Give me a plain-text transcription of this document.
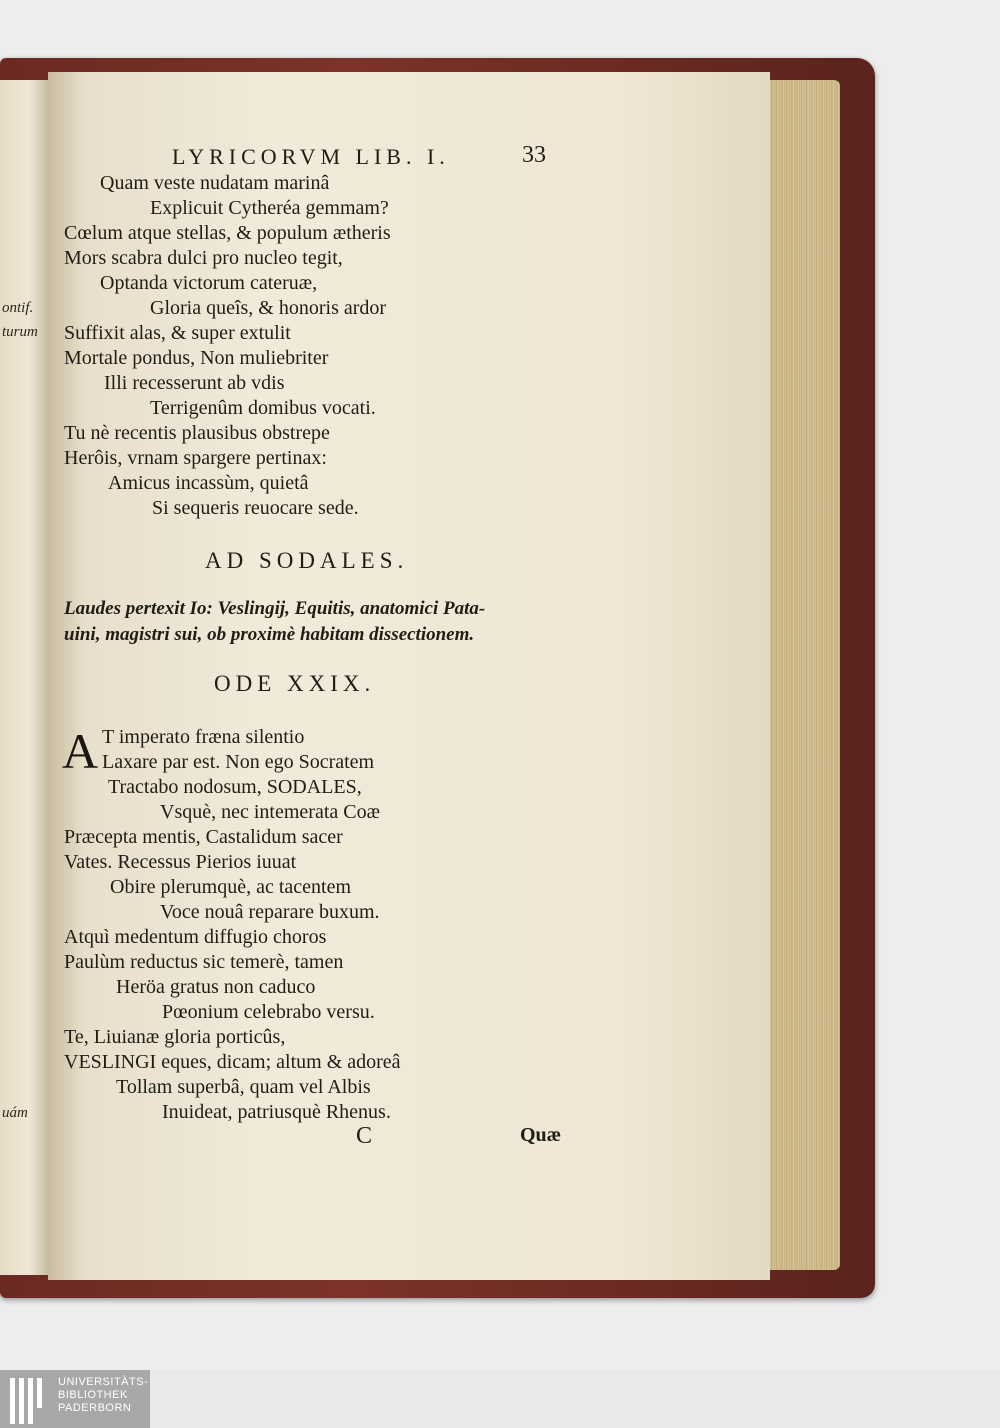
ontif.
turum
uám
LYRICORVM LIB. I.	33
Quam veste nudatam marinâ
Explicuit Cytheréa gemmam?
Cœlum atque stellas, & populum ætheris
Mors scabra dulci pro nucleo tegit,
Optanda victorum cateruæ,
Gloria queîs, & honoris ardor
Suffixit alas, & super extulit
Mortale pondus, Non muliebriter
Illi recesserunt ab vdis
Terrigenûm domibus vocati.
Tu nè recentis plausibus obstrepe
Herôis, vrnam spargere pertinax:
Amicus incassùm, quietâ
Si sequeris reuocare sede.
AD SODALES.
Laudes pertexit Io: Veslingij, Equitis, anatomici Pata-
uini, magistri sui, ob proximè habitam dissectionem.
ODE XXIX.
A T imperato fræna silentio
Laxare par est. Non ego Socratem
Tractabo nodosum, SODALES,
Vsquè, nec intemerata Coæ
Præcepta mentis, Castalidum sacer
Vates. Recessus Pierios iuuat
Obire plerumquè, ac tacentem
Voce nouâ reparare buxum.
Atquì medentum diffugio choros
Paulùm reductus sic temerè, tamen
Heröa gratus non caduco
Pœonium celebrabo versu.
Te, Liuianæ gloria porticûs,
VESLINGI eques, dicam; altum & adoreâ
Tollam superbâ, quam vel Albis
Inuideat, patriusquè Rhenus.
C	Quæ
UNIVERSITÄTS-
BIBLIOTHEK
PADERBORN
